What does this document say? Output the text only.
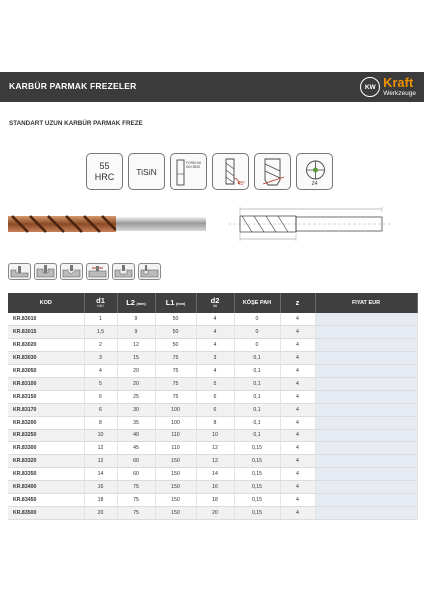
KARBÜR PARMAK FREZELER	KW Kraft
Werkzeuge
STANDART UZUN KARBÜR PARMAK FREZE
55
HRC	TiSiN
FORM HA DIN 6535
45°	Z4
KOD	d1
h10	L2 (mm)	L1 (mm)	d2
h6	KÖŞE PAH	z	FIYAT EUR
KR.83010	1	9	50	4	0	4	
KR.83015	1,5	9	50	4	0	4	
KR.83020	2	12	50	4	0	4	
KR.83030	3	15	75	3	0,1	4	
KR.83050	4	20	75	4	0,1	4	
KR.83100	5	20	75	5	0,1	4	
KR.83150	6	25	75	6	0,1	4	
KR.83170	6	30	100	6	0,1	4	
KR.83200	8	35	100	8	0,1	4	
KR.83250	10	40	110	10	0,1	4	
KR.83300	12	45	110	12	0,15	4	
KR.83320	12	60	150	12	0,15	4	
KR.83350	14	60	150	14	0,15	4	
KR.83400	16	75	150	16	0,15	4	
KR.83450	18	75	150	18	0,15	4	
KR.83500	20	75	150	20	0,15	4	
